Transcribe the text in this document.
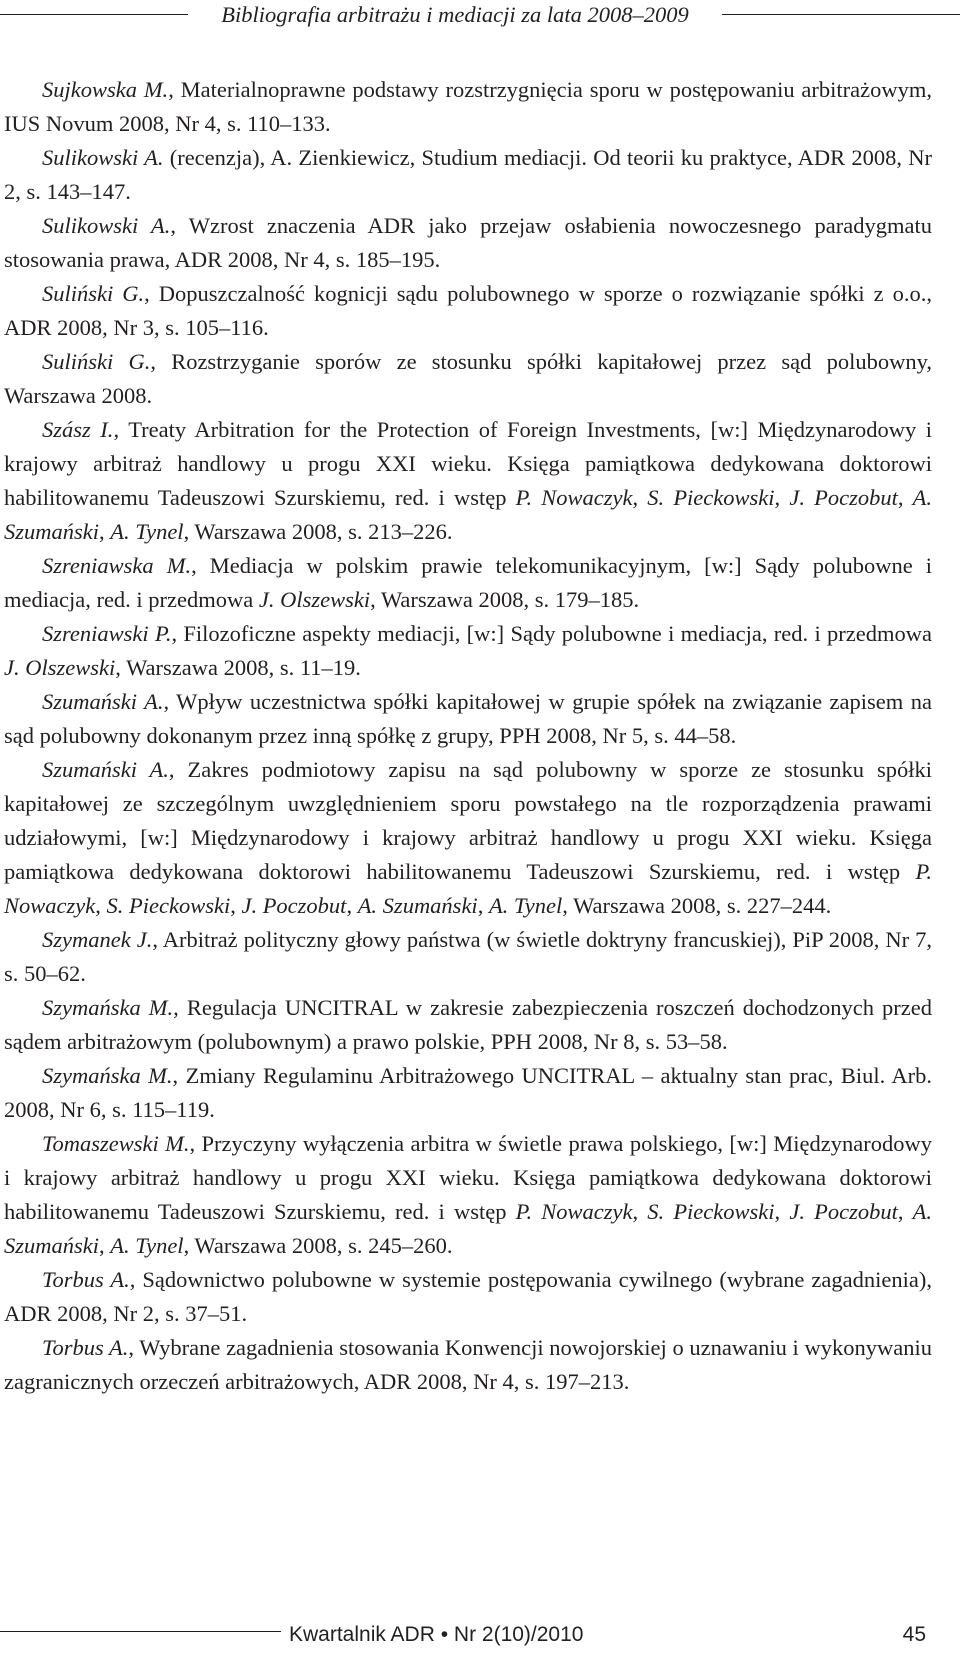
Bibliografia arbitrażu i mediacji za lata 2008–2009

Sujkowska M., Materialnoprawne podstawy rozstrzygnięcia sporu w postępowaniu arbitrażowym, IUS Novum 2008, Nr 4, s. 110–133.

Sulikowski A. (recenzja), A. Zienkiewicz, Studium mediacji. Od teorii ku praktyce, ADR 2008, Nr 2, s. 143–147.

Sulikowski A., Wzrost znaczenia ADR jako przejaw osłabienia nowoczesnego paradygmatu stosowania prawa, ADR 2008, Nr 4, s. 185–195.

Suliński G., Dopuszczalność kognicji sądu polubownego w sporze o rozwiązanie spółki z o.o., ADR 2008, Nr 3, s. 105–116.

Suliński G., Rozstrzyganie sporów ze stosunku spółki kapitałowej przez sąd polubowny, Warszawa 2008.

Szász I., Treaty Arbitration for the Protection of Foreign Investments, [w:] Międzynarodowy i krajowy arbitraż handlowy u progu XXI wieku. Księga pamiątkowa dedykowana doktorowi habilitowanemu Tadeuszowi Szurskiemu, red. i wstęp P. Nowaczyk, S. Pieckowski, J. Poczobut, A. Szumański, A. Tynel, Warszawa 2008, s. 213–226.

Szreniawska M., Mediacja w polskim prawie telekomunikacyjnym, [w:] Sądy polubowne i mediacja, red. i przedmowa J. Olszewski, Warszawa 2008, s. 179–185.

Szreniawski P., Filozoficzne aspekty mediacji, [w:] Sądy polubowne i mediacja, red. i przedmowa J. Olszewski, Warszawa 2008, s. 11–19.

Szumański A., Wpływ uczestnictwa spółki kapitałowej w grupie spółek na związanie zapisem na sąd polubowny dokonanym przez inną spółkę z grupy, PPH 2008, Nr 5, s. 44–58.

Szumański A., Zakres podmiotowy zapisu na sąd polubowny w sporze ze stosunku spółki kapitałowej ze szczególnym uwzględnieniem sporu powstałego na tle rozporządzenia prawami udziałowymi, [w:] Międzynarodowy i krajowy arbitraż handlowy u progu XXI wieku. Księga pamiątkowa dedykowana doktorowi habilitowanemu Tadeuszowi Szurskiemu, red. i wstęp P. Nowaczyk, S. Pieckowski, J. Poczobut, A. Szumański, A. Tynel, Warszawa 2008, s. 227–244.

Szymanek J., Arbitraż polityczny głowy państwa (w świetle doktryny francuskiej), PiP 2008, Nr 7, s. 50–62.

Szymańska M., Regulacja UNCITRAL w zakresie zabezpieczenia roszczeń dochodzonych przed sądem arbitrażowym (polubownym) a prawo polskie, PPH 2008, Nr 8, s. 53–58.

Szymańska M., Zmiany Regulaminu Arbitrażowego UNCITRAL – aktualny stan prac, Biul. Arb. 2008, Nr 6, s. 115–119.

Tomaszewski M., Przyczyny wyłączenia arbitra w świetle prawa polskiego, [w:] Międzynarodowy i krajowy arbitraż handlowy u progu XXI wieku. Księga pamiątkowa dedykowana doktorowi habilitowanemu Tadeuszowi Szurskiemu, red. i wstęp P. Nowaczyk, S. Pieckowski, J. Poczobut, A. Szumański, A. Tynel, Warszawa 2008, s. 245–260.

Torbus A., Sądownictwo polubowne w systemie postępowania cywilnego (wybrane zagadnienia), ADR 2008, Nr 2, s. 37–51.

Torbus A., Wybrane zagadnienia stosowania Konwencji nowojorskiej o uznawaniu i wykonywaniu zagranicznych orzeczeń arbitrażowych, ADR 2008, Nr 4, s. 197–213.

Kwartalnik ADR • Nr 2(10)/2010	45
